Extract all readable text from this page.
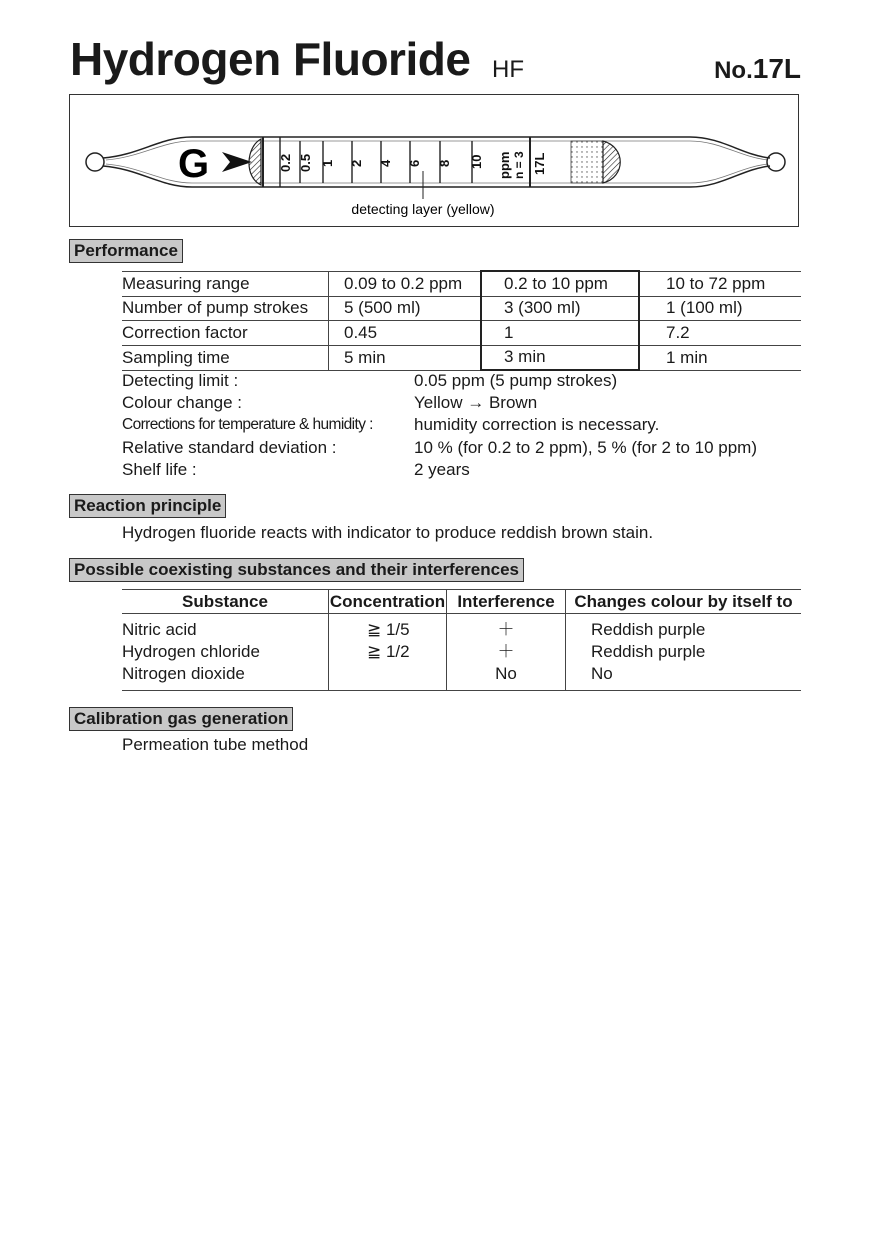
Hydrogen Fluoride HF	No.17L
G	0.2 0.5 1 2 4 6 8 10 ppm n = 3 17L
detecting layer (yellow)
Performance
Measuring range	0.09 to 0.2 ppm	0.2 to 10 ppm	10 to 72 ppm
Number of pump strokes	5 (500 ml)	3 (300 ml)	1 (100 ml)
Correction factor	0.45	1	7.2
Sampling time	5 min	3 min	1 min
Detecting limit :	0.05 ppm (5 pump strokes)
Colour change :	Yellow → Brown
Corrections for temperature & humidity : humidity correction is necessary.
Relative standard deviation :	10 % (for 0.2 to 2 ppm), 5 % (for 2 to 10 ppm)
Shelf life :	2 years
Reaction principle
Hydrogen fluoride reacts with indicator to produce reddish brown stain.
Possible coexisting substances and their interferences
Substance	Concentration	Interference	Changes colour by itself to
Nitric acid	≧ 1/5	＋	Reddish purple
Hydrogen chloride	≧ 1/2	＋	Reddish purple
Nitrogen dioxide		No	No
Calibration gas generation
Permeation tube method
